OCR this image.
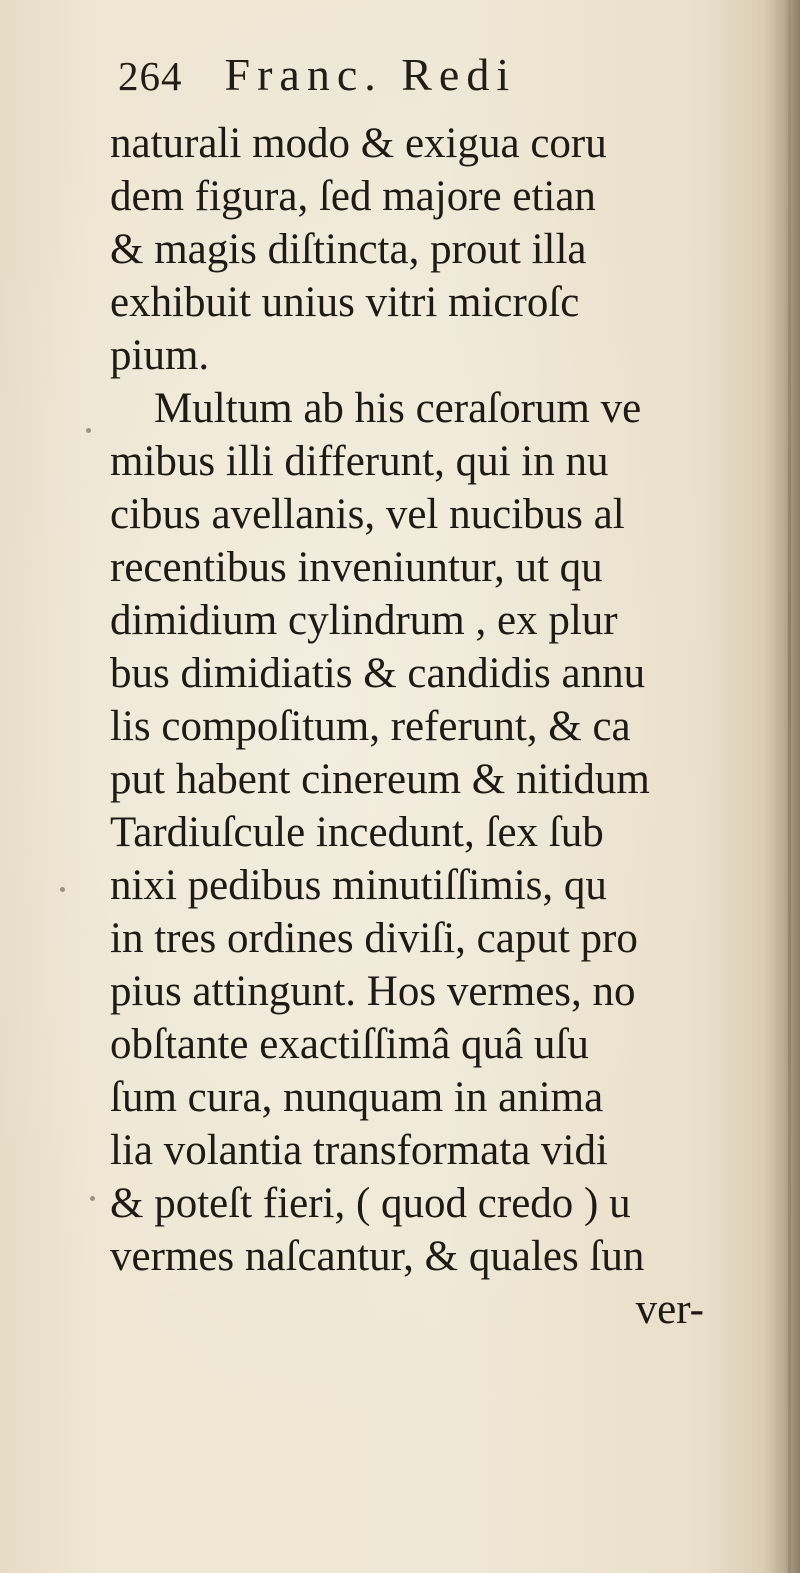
264 Franc. Redi
naturali modo & exigua coru
dem figura, ſed majore etian
& magis diſtincta, prout illa
exhibuit unius vitri microſc
pium.
Multum ab his ceraſorum ve
mibus illi differunt, qui in nu
cibus avellanis, vel nucibus al
recentibus inveniuntur, ut qu
dimidium cylindrum , ex plur
bus dimidiatis & candidis annu
lis compoſitum, referunt, & ca
put habent cinereum & nitidum
Tardiuſcule incedunt, ſex ſub
nixi pedibus minutiſſimis, qu
in tres ordines diviſi, caput pro
pius attingunt. Hos vermes, no
obſtante exactiſſimâ quâ uſu
ſum cura, nunquam in anima
lia volantia transformata vidi
& poteſt fieri, ( quod credo ) u
vermes naſcantur, & quales ſun
ver-
